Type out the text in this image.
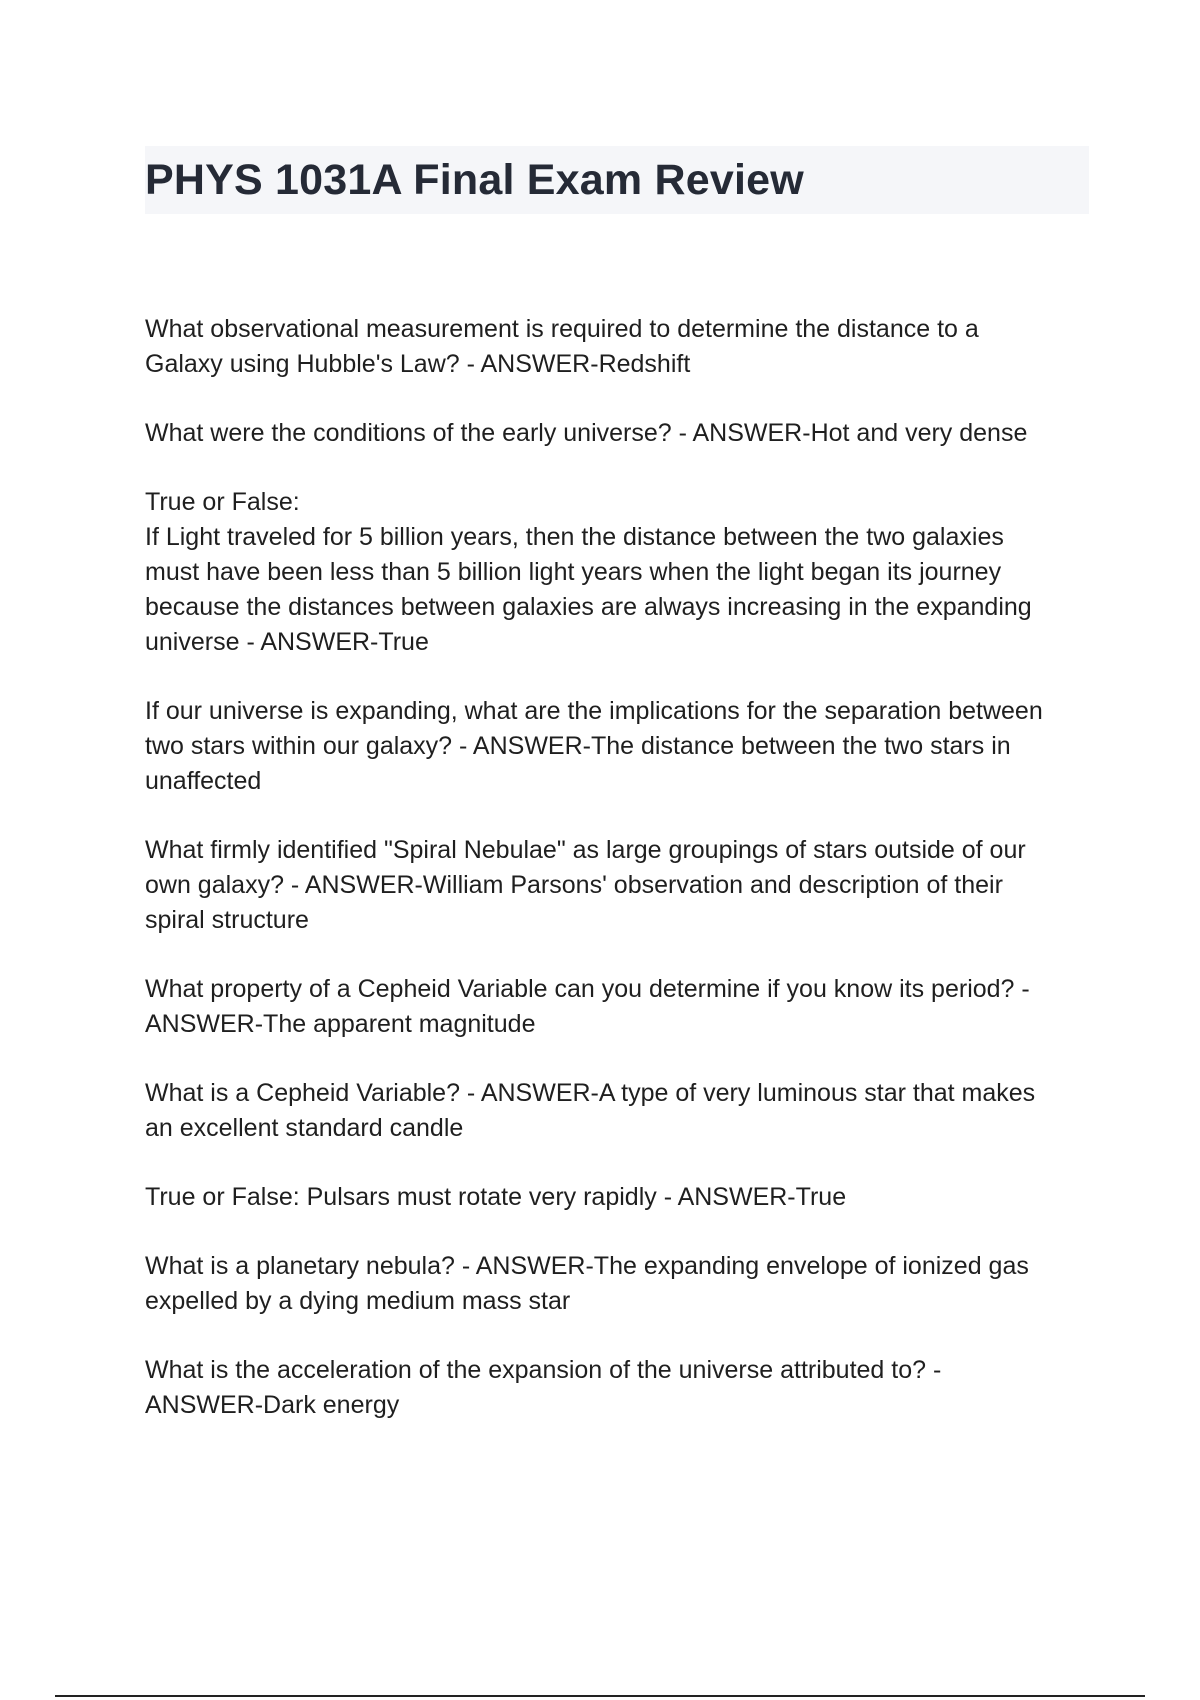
PHYS 1031A Final Exam Review

What observational measurement is required to determine the distance to a
Galaxy using Hubble's Law? - ANSWER-Redshift

What were the conditions of the early universe? - ANSWER-Hot and very dense

True or False:
If Light traveled for 5 billion years, then the distance between the two galaxies
must have been less than 5 billion light years when the light began its journey
because the distances between galaxies are always increasing in the expanding
universe - ANSWER-True

If our universe is expanding, what are the implications for the separation between
two stars within our galaxy? - ANSWER-The distance between the two stars in
unaffected

What firmly identified "Spiral Nebulae" as large groupings of stars outside of our
own galaxy? - ANSWER-William Parsons' observation and description of their
spiral structure

What property of a Cepheid Variable can you determine if you know its period? -
ANSWER-The apparent magnitude

What is a Cepheid Variable? - ANSWER-A type of very luminous star that makes
an excellent standard candle

True or False: Pulsars must rotate very rapidly - ANSWER-True

What is a planetary nebula? - ANSWER-The expanding envelope of ionized gas
expelled by a dying medium mass star

What is the acceleration of the expansion of the universe attributed to? -
ANSWER-Dark energy
